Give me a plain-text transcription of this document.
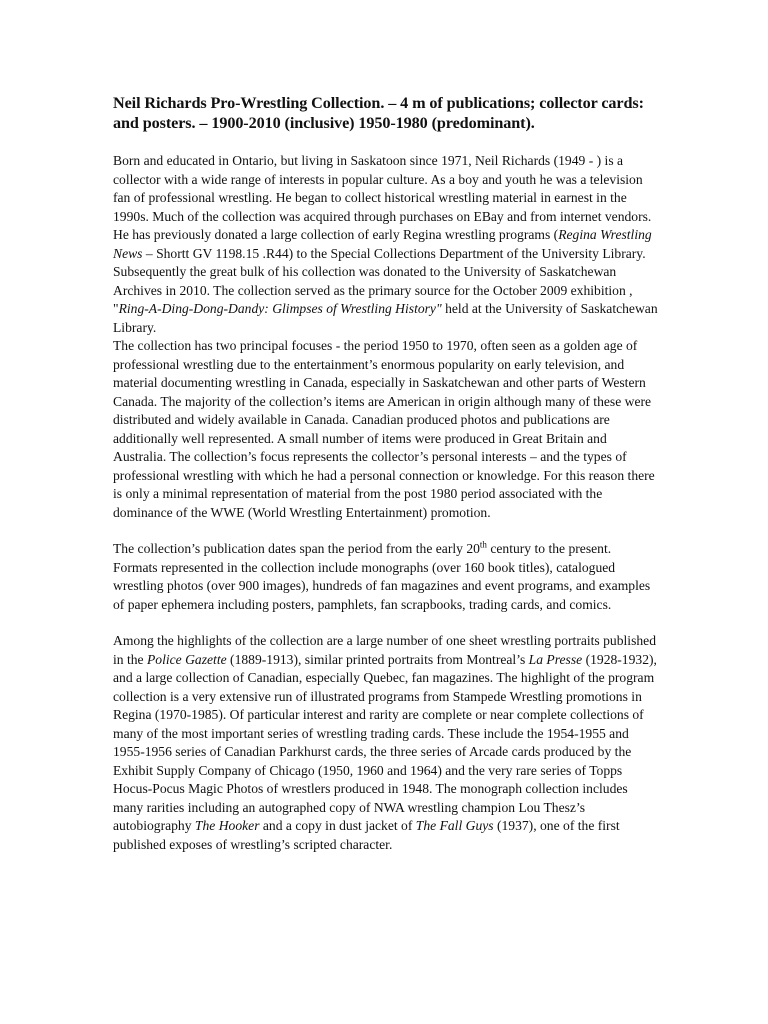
Neil Richards Pro-Wrestling Collection. – 4 m of publications; collector cards: and posters. – 1900-2010 (inclusive) 1950-1980 (predominant).

Born and educated in Ontario, but living in Saskatoon since 1971, Neil Richards (1949 - ) is a collector with a wide range of interests in popular culture. As a boy and youth he was a television fan of professional wrestling. He began to collect historical wrestling material in earnest in the 1990s. Much of the collection was acquired through purchases on EBay and from internet vendors. He has previously donated a large collection of early Regina wrestling programs (Regina Wrestling News – Shortt GV 1198.15 .R44) to the Special Collections Department of the University Library. Subsequently the great bulk of his collection was donated to the University of Saskatchewan Archives in 2010. The collection served as the primary source for the October 2009 exhibition , "Ring-A-Ding-Dong-Dandy: Glimpses of Wrestling History" held at the University of Saskatchewan Library.

The collection has two principal focuses - the period 1950 to 1970, often seen as a golden age of professional wrestling due to the entertainment’s enormous popularity on early television, and material documenting wrestling in Canada, especially in Saskatchewan and other parts of Western Canada. The majority of the collection’s items are American in origin although many of these were distributed and widely available in Canada. Canadian produced photos and publications are additionally well represented. A small number of items were produced in Great Britain and Australia. The collection’s focus represents the collector’s personal interests – and the types of professional wrestling with which he had a personal connection or knowledge. For this reason there is only a minimal representation of material from the post 1980 period associated with the dominance of the WWE (World Wrestling Entertainment) promotion.

The collection’s publication dates span the period from the early 20th century to the present. Formats represented in the collection include monographs (over 160 book titles), catalogued wrestling photos (over 900 images), hundreds of fan magazines and event programs, and examples of paper ephemera including posters, pamphlets, fan scrapbooks, trading cards, and comics.

Among the highlights of the collection are a large number of one sheet wrestling portraits published in the Police Gazette (1889-1913), similar printed portraits from Montreal’s La Presse (1928-1932), and a large collection of Canadian, especially Quebec, fan magazines. The highlight of the program collection is a very extensive run of illustrated programs from Stampede Wrestling promotions in Regina (1970-1985). Of particular interest and rarity are complete or near complete collections of many of the most important series of wrestling trading cards. These include the 1954-1955 and 1955-1956 series of Canadian Parkhurst cards, the three series of Arcade cards produced by the Exhibit Supply Company of Chicago (1950, 1960 and 1964) and the very rare series of Topps Hocus-Pocus Magic Photos of wrestlers produced in 1948. The monograph collection includes many rarities including an autographed copy of NWA wrestling champion Lou Thesz’s autobiography The Hooker and a copy in dust jacket of The Fall Guys (1937), one of the first published exposes of wrestling’s scripted character.
